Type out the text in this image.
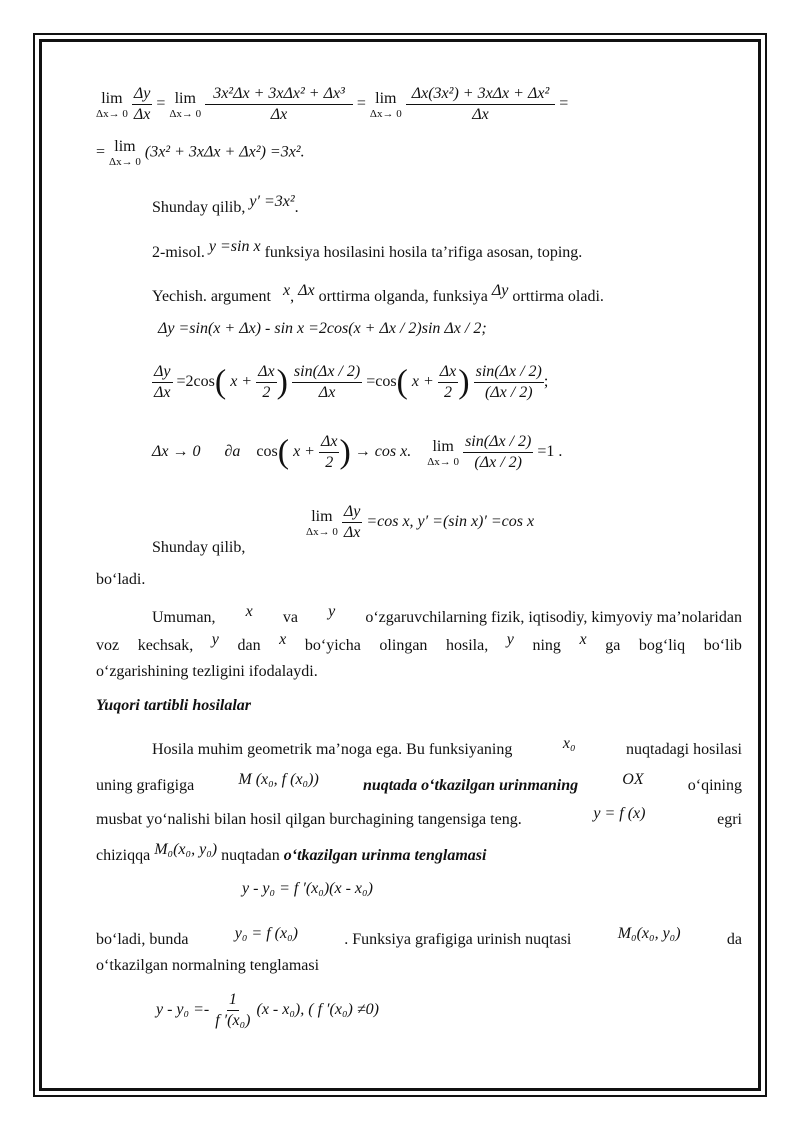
lim
Δx→ 0
$\frac{\Delta y}{\Delta x} = \lim$
Δx→ 0
$\frac{\text{3x²Δx + 3xΔx² + Δx³}}{\Delta x} = \lim$
Δx→ 0
$\frac{\text{Δx(3x²) + 3xΔx + Δx²}}{\Delta x}$ =
= lim
Δx→ 0
(3x² + 3xΔx + Δx²) =3x².
Shunday qilib, y′ =3x².
2-misol. y =sin x funksiya hosilasini hosila ta’rifiga asosan, toping.
Yechish. argument x, Δx orttirma olganda, funksiya Δy orttirma oladi.
Δy =sin(x + Δx) - sin x =2cos(x + Δx / 2)sin Δx / 2;
$\frac{\Delta y}{\Delta x} =2\cos$( $x + \frac{\Delta x}{2}$ ) $\frac{\sin(\Delta x / 2)}{\Delta x} =\cos$( $x + \frac{\Delta x}{2}$ ) $\frac{\sin(\Delta x / 2)}{(\Delta x / 2)}$ ;
Δx → 0 ∂a cos( $x + \frac{\Delta x}{2}$ ) → cos x. lim
Δx→ 0
$\frac{\sin(\Delta x / 2)}{(\Delta x / 2)} =1$ .
Shunday qilib,
lim
Δx→ 0
$\frac{\Delta y}{\Delta x} =\cos$ x, y′ =(sin x)′ =cos x
bo‘ladi.
Umuman, x va y o‘zgaruvchilarning fizik, iqtisodiy, kimyoviy ma’nolaridan
voz kechsak, y dan x bo‘yicha olingan hosila, y ning x ga bog‘liq bo‘lib
o‘zgarishining tezligini ifodalaydi.
Yuqori tartibli hosilalar
Hosila muhim geometrik ma’noga ega. Bu funksiyaning	x₀	nuqtadagi hosilasi
uning grafigiga	M (x₀, f (x₀))	nuqtada o‘tkazilgan urinmaning	OX	o‘qining
musbat yo‘nalishi bilan hosil qilgan burchagining tangensiga teng.	y = f (x)	egri
chiziqqa M₀(x₀, y₀) nuqtadan o‘tkazilgan urinma tenglamasi
y - y₀ = f ′(x₀)(x - x₀)
bo‘ladi, bunda	y₀ = f (x₀)	. Funksiya grafigiga urinish nuqtasi	M₀(x₀, y₀)	da
o‘tkazilgan normalning tenglamasi
$y - y_0 =- \frac{1}{\text{f ′(x₀)}} (x - x_0)$, ( f ′(x₀) ≠0)
